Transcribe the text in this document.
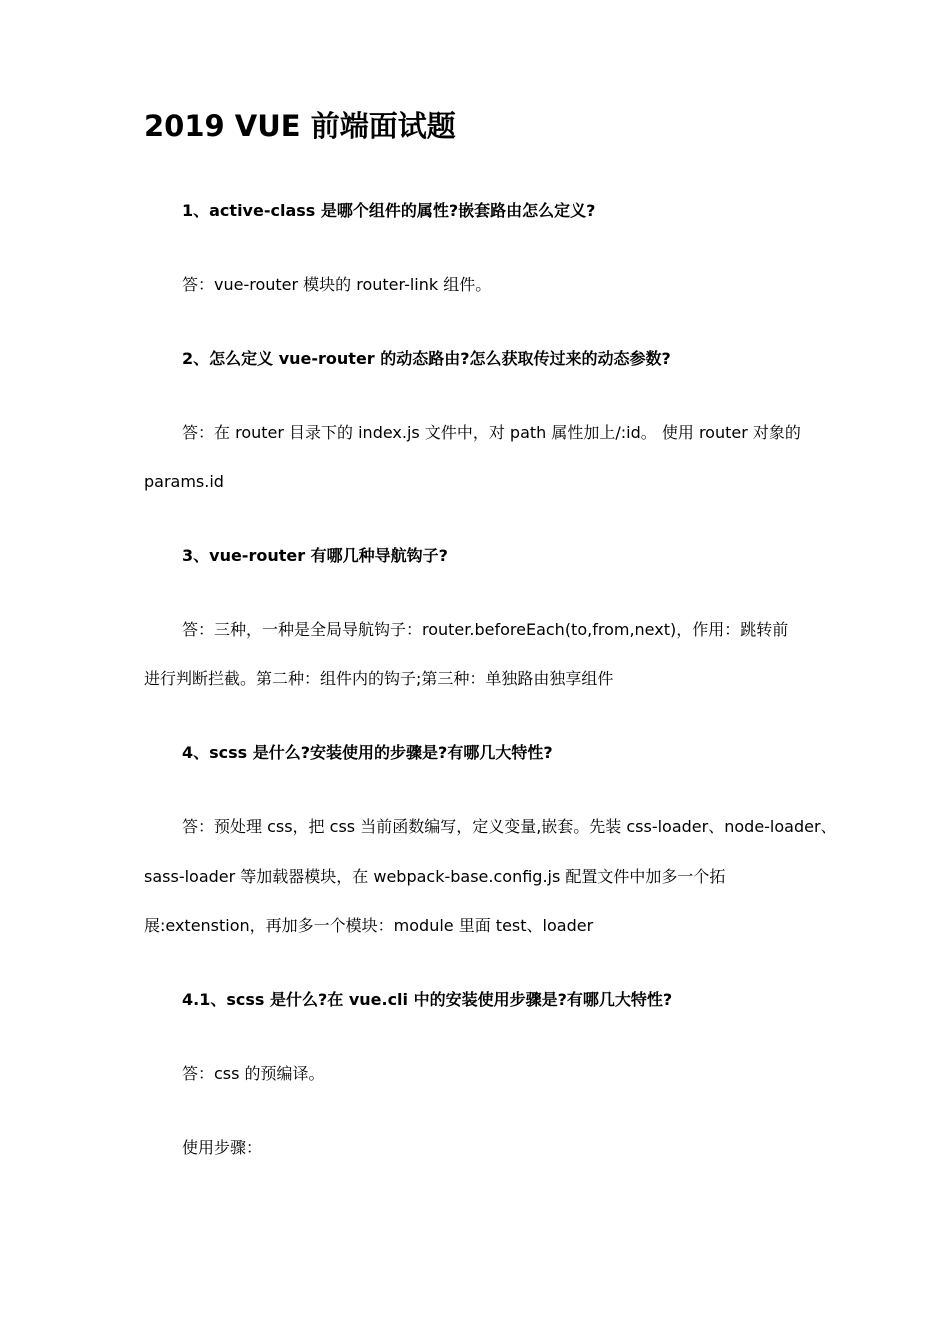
2019 VUE 前端面试题
1、active-class 是哪个组件的属性?嵌套路由怎么定义?
答：vue-router 模块的 router-link 组件。
2、怎么定义 vue-router 的动态路由?怎么获取传过来的动态参数?
答：在 router 目录下的 index.js 文件中，对 path 属性加上/:id。 使用 router 对象的
params.id
3、vue-router 有哪几种导航钩子?
答：三种，一种是全局导航钩子：router.beforeEach(to,from,next)，作用：跳转前
进行判断拦截。第二种：组件内的钩子;第三种：单独路由独享组件
4、scss 是什么?安装使用的步骤是?有哪几大特性?
答：预处理 css，把 css 当前函数编写，定义变量,嵌套。先装 css-loader、node-loader、
sass-loader 等加载器模块，在 webpack-base.config.js 配置文件中加多一个拓
展:extenstion，再加多一个模块：module 里面 test、loader
4.1、scss 是什么?在 vue.cli 中的安装使用步骤是?有哪几大特性?
答：css 的预编译。
使用步骤：
